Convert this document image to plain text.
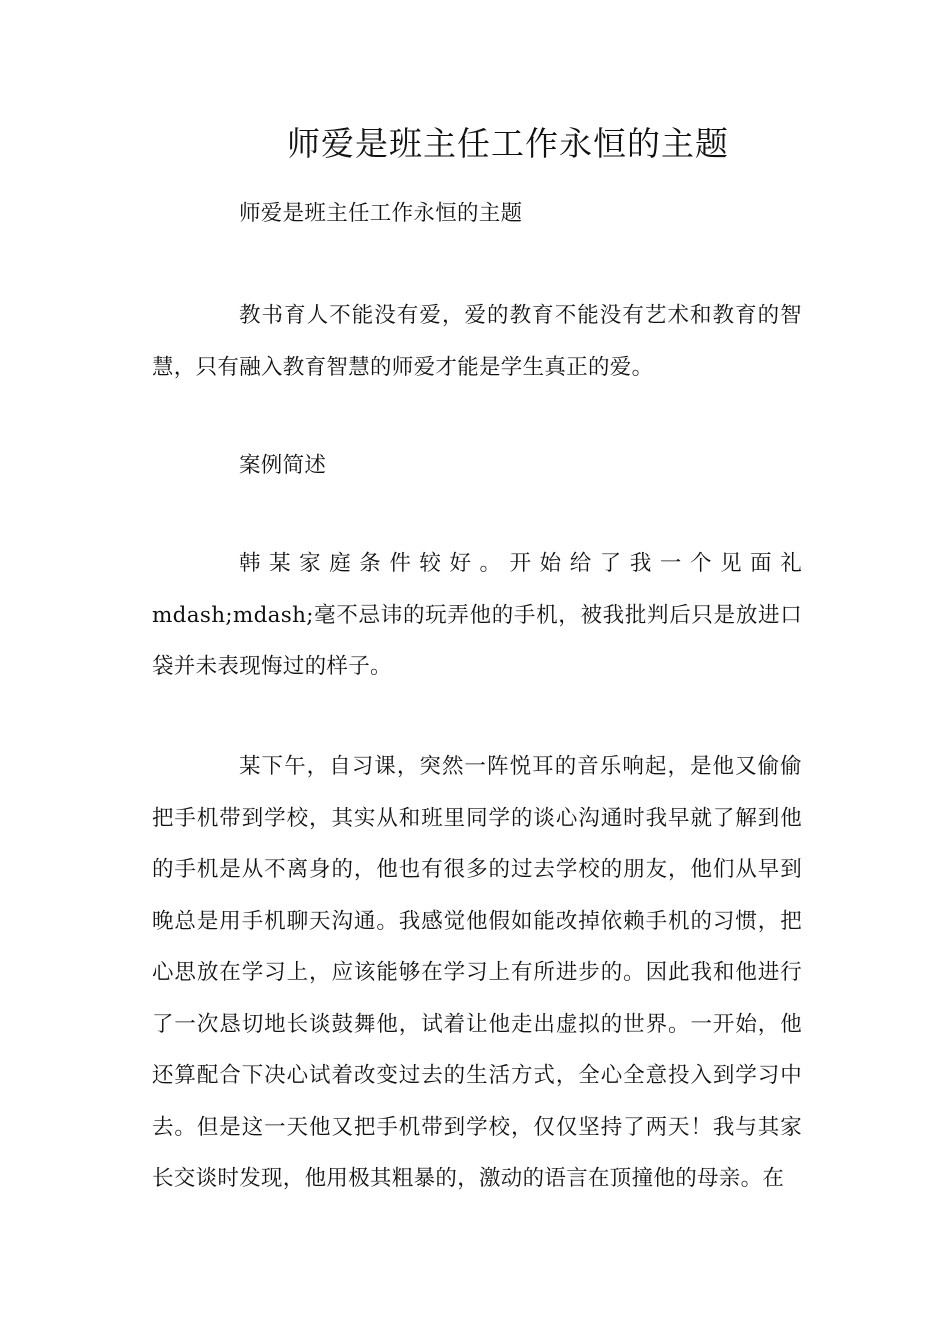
师爱是班主任工作永恒的主题

师爱是班主任工作永恒的主题

教书育人不能没有爱，爱的教育不能没有艺术和教育的智慧，只有融入教育智慧的师爱才能是学生真正的爱。

案例简述

韩某家庭条件较好。开始给了我一个见面礼 mdash;mdash;毫不忌讳的玩弄他的手机，被我批判后只是放进口袋并未表现悔过的样子。

某下午，自习课，突然一阵悦耳的音乐响起，是他又偷偷把手机带到学校，其实从和班里同学的谈心沟通时我早就了解到他的手机是从不离身的，他也有很多的过去学校的朋友，他们从早到晚总是用手机聊天沟通。我感觉他假如能改掉依赖手机的习惯，把心思放在学习上，应该能够在学习上有所进步的。因此我和他进行了一次恳切地长谈鼓舞他，试着让他走出虚拟的世界。一开始，他还算配合下决心试着改变过去的生活方式，全心全意投入到学习中去。但是这一天他又把手机带到学校，仅仅坚持了两天！我与其家长交谈时发现，他用极其粗暴的，激动的语言在顶撞他的母亲。在
